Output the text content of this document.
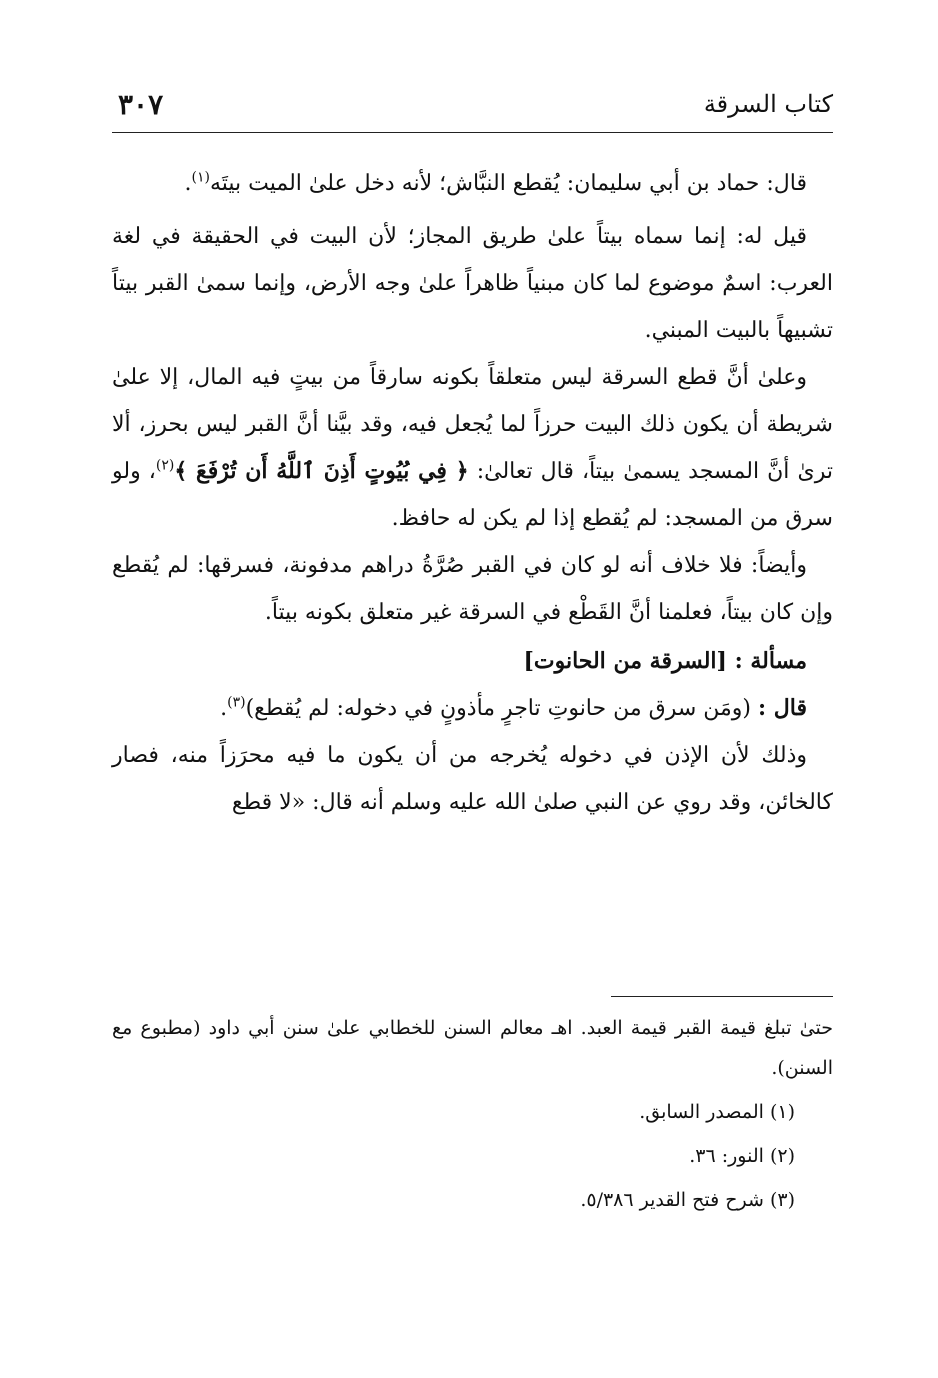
٣٠٧	كتاب السرقة

قال: حماد بن أبي سليمان: يُقطع النبَّاش؛ لأنه دخل علىٰ الميت بيتَه$^{(١)}$.

قيل له: إنما سماه بيتاً علىٰ طريق المجاز؛ لأن البيت في الحقيقة في لغة العرب: اسمٌ موضوع لما كان مبنياً ظاهراً علىٰ وجه الأرض، وإنما سمىٰ القبر بيتاً تشبيهاً بالبيت المبني.

وعلىٰ أنَّ قطع السرقة ليس متعلقاً بكونه سارقاً من بيتٍ فيه المال، إلا علىٰ شريطة أن يكون ذلك البيت حرزاً لما يُجعل فيه، وقد بيَّنا أنَّ القبر ليس بحرز، ألا ترىٰ أنَّ المسجد يسمىٰ بيتاً، قال تعالىٰ: ﴿ فِي بُيُوتٍ أَذِنَ ٱللَّهُ أَن تُرْفَعَ ﴾$^{(٢)}$، ولو سرق من المسجد: لم يُقطع إذا لم يكن له حافظ.

وأيضاً: فلا خلاف أنه لو كان في القبر صُرَّةُ دراهم مدفونة، فسرقها: لم يُقطع وإن كان بيتاً، فعلمنا أنَّ القَطْع في السرقة غير متعلق بكونه بيتاً.

مسألة : [السرقة من الحانوت]

قال : (ومَن سرق من حانوتِ تاجرٍ مأذونٍ في دخوله: لم يُقطع)$^{(٣)}$.

وذلك لأن الإذن في دخوله يُخرجه من أن يكون ما فيه محرَزاً منه، فصار كالخائن، وقد روي عن النبي صلىٰ الله عليه وسلم أنه قال: «لا قطع

حتىٰ تبلغ قيمة القبر قيمة العبد. اهـ معالم السنن للخطابي علىٰ سنن أبي داود (مطبوع مع السنن).

(١) المصدر السابق.

(٢) النور: ٣٦.

(٣) شرح فتح القدير ٥/٣٨٦.
